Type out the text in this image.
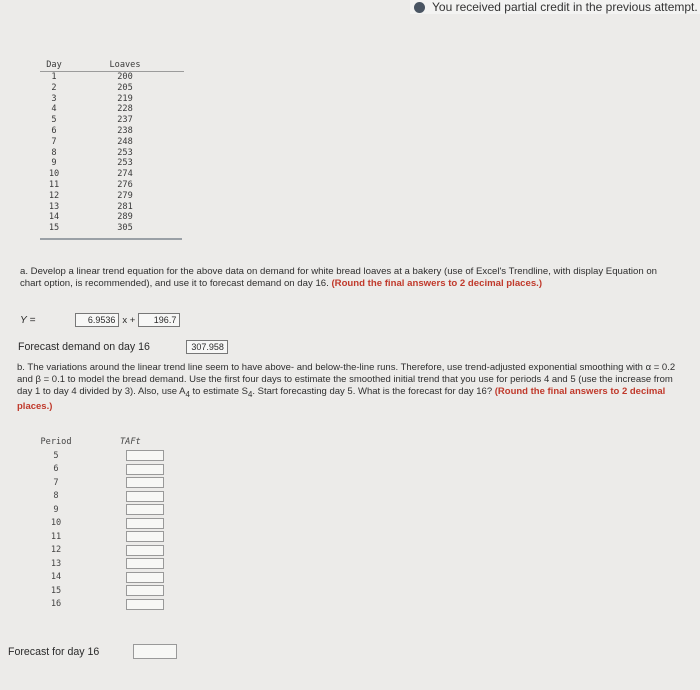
You received partial credit in the previous attempt.
Day	Loaves
1	200
2	205
3	219
4	228
5	237
6	238
7	248
8	253
9	253
10	274
11	276
12	279
13	281
14	289
15	305
a. Develop a linear trend equation for the above data on demand for white bread loaves at a bakery (use of Excel's Trendline, with display Equation on chart option, is recommended), and use it to forecast demand on day 16. (Round the final answers to 2 decimal places.)
Y =	6.9536 x +	196.7
Forecast demand on day 16	307.958
b. The variations around the linear trend line seem to have above- and below-the-line runs. Therefore, use trend-adjusted exponential smoothing with α = 0.2 and β = 0.1 to model the bread demand. Use the first four days to estimate the smoothed initial trend that you use for periods 4 and 5 (use the increase from day 1 to day 4 divided by 3). Also, use $A_4$ to estimate $S_4$. Start forecasting day 5. What is the forecast for day 16? (Round the final answers to 2 decimal places.)
Period	TAFt
5
6
7
8
9
10
11
12
13
14
15
16
Forecast for day 16
